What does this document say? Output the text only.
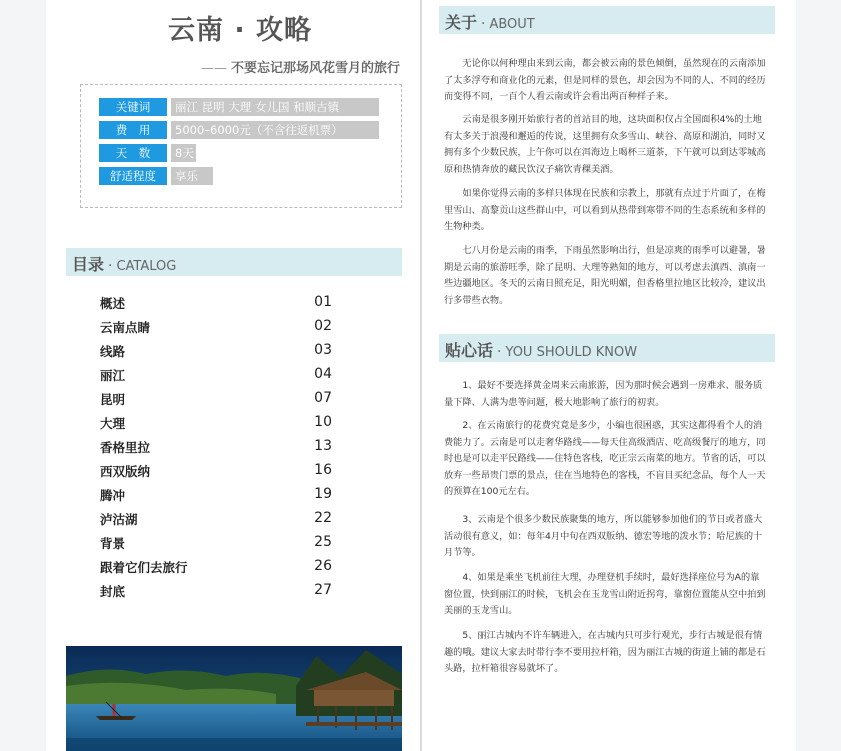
云南 · 攻略
—— 不要忘记那场风花雪月的旅行
关键词	丽江 昆明 大理 女儿国 和顺古镇
费　用	5000–6000元（不含往返机票）
天　数	8天
舒适程度	享乐
目录 · CATALOG
概述	01
云南点睛	02
线路	03
丽江	04
昆明	07
大理	10
香格里拉	13
西双版纳	16
腾冲	19
泸沽湖	22
背景	25
跟着它们去旅行	26
封底	27
关于 · ABOUT
无论你以何种理由来到云南，都会被云南的景色倾倒，虽然现在的云南添加了太多浮夸和商业化的元素，但是同样的景色，却会因为不同的人、不同的经历而变得不同，一百个人看云南或许会看出两百种样子来。
云南是很多刚开始旅行者的首站目的地，这块面积仅占全国面积4%的土地有太多关于浪漫和邂逅的传说，这里拥有众多雪山、峡谷、高原和湖泊，同时又拥有多个少数民族，上午你可以在洱海边上喝杯三道茶，下午就可以到达零城高原和热情奔放的藏民饮汉子痛饮青稞美酒。
如果你觉得云南的多样只体现在民族和宗教上，那就有点过于片面了，在梅里雪山、高黎贡山这些群山中，可以看到从热带到寒带不同的生态系统和多样的生物种类。
七八月份是云南的雨季，下雨虽然影响出行，但是凉爽的雨季可以避暑，暑期是云南的旅游旺季，除了昆明、大理等熟知的地方，可以考虑去滇西、滇南一些边疆地区。冬天的云南日照充足，阳光明媚，但香格里拉地区比较冷，建议出行多带些衣物。
贴心话 · YOU SHOULD KNOW
1、最好不要选择黄金周来云南旅游，因为那时候会遇到一房难求、服务质量下降、人满为患等问题，极大地影响了旅行的初衷。
2、在云南旅行的花费究竟是多少，小编也很困惑，其实这都得看个人的消费能力了。云南是可以走奢华路线——每天住高级酒店、吃高级餐厅的地方，同时也是可以走平民路线——住特色客栈，吃正宗云南菜的地方。节省的话，可以放弃一些昂贵门票的景点，住在当地特色的客栈，不盲目买纪念品，每个人一天的预算在100元左右。
3、云南是个很多少数民族聚集的地方，所以能够参加他们的节日或者盛大活动很有意义，如：每年4月中旬在西双版纳、德宏等地的泼水节；哈尼族的十月节等。
4、如果是乘坐飞机前往大理，办理登机手续时，最好选择座位号为A的靠窗位置，快到丽江的时候，飞机会在玉龙雪山附近拐弯，靠窗位置能从空中拍到美丽的玉龙雪山。
5、丽江古城内不许车辆进入，在古城内只可步行观光，步行古城是很有情趣的哦。建议大家去时带行李不要用拉杆箱，因为丽江古城的街道上铺的都是石头路，拉杆箱很容易就坏了。
